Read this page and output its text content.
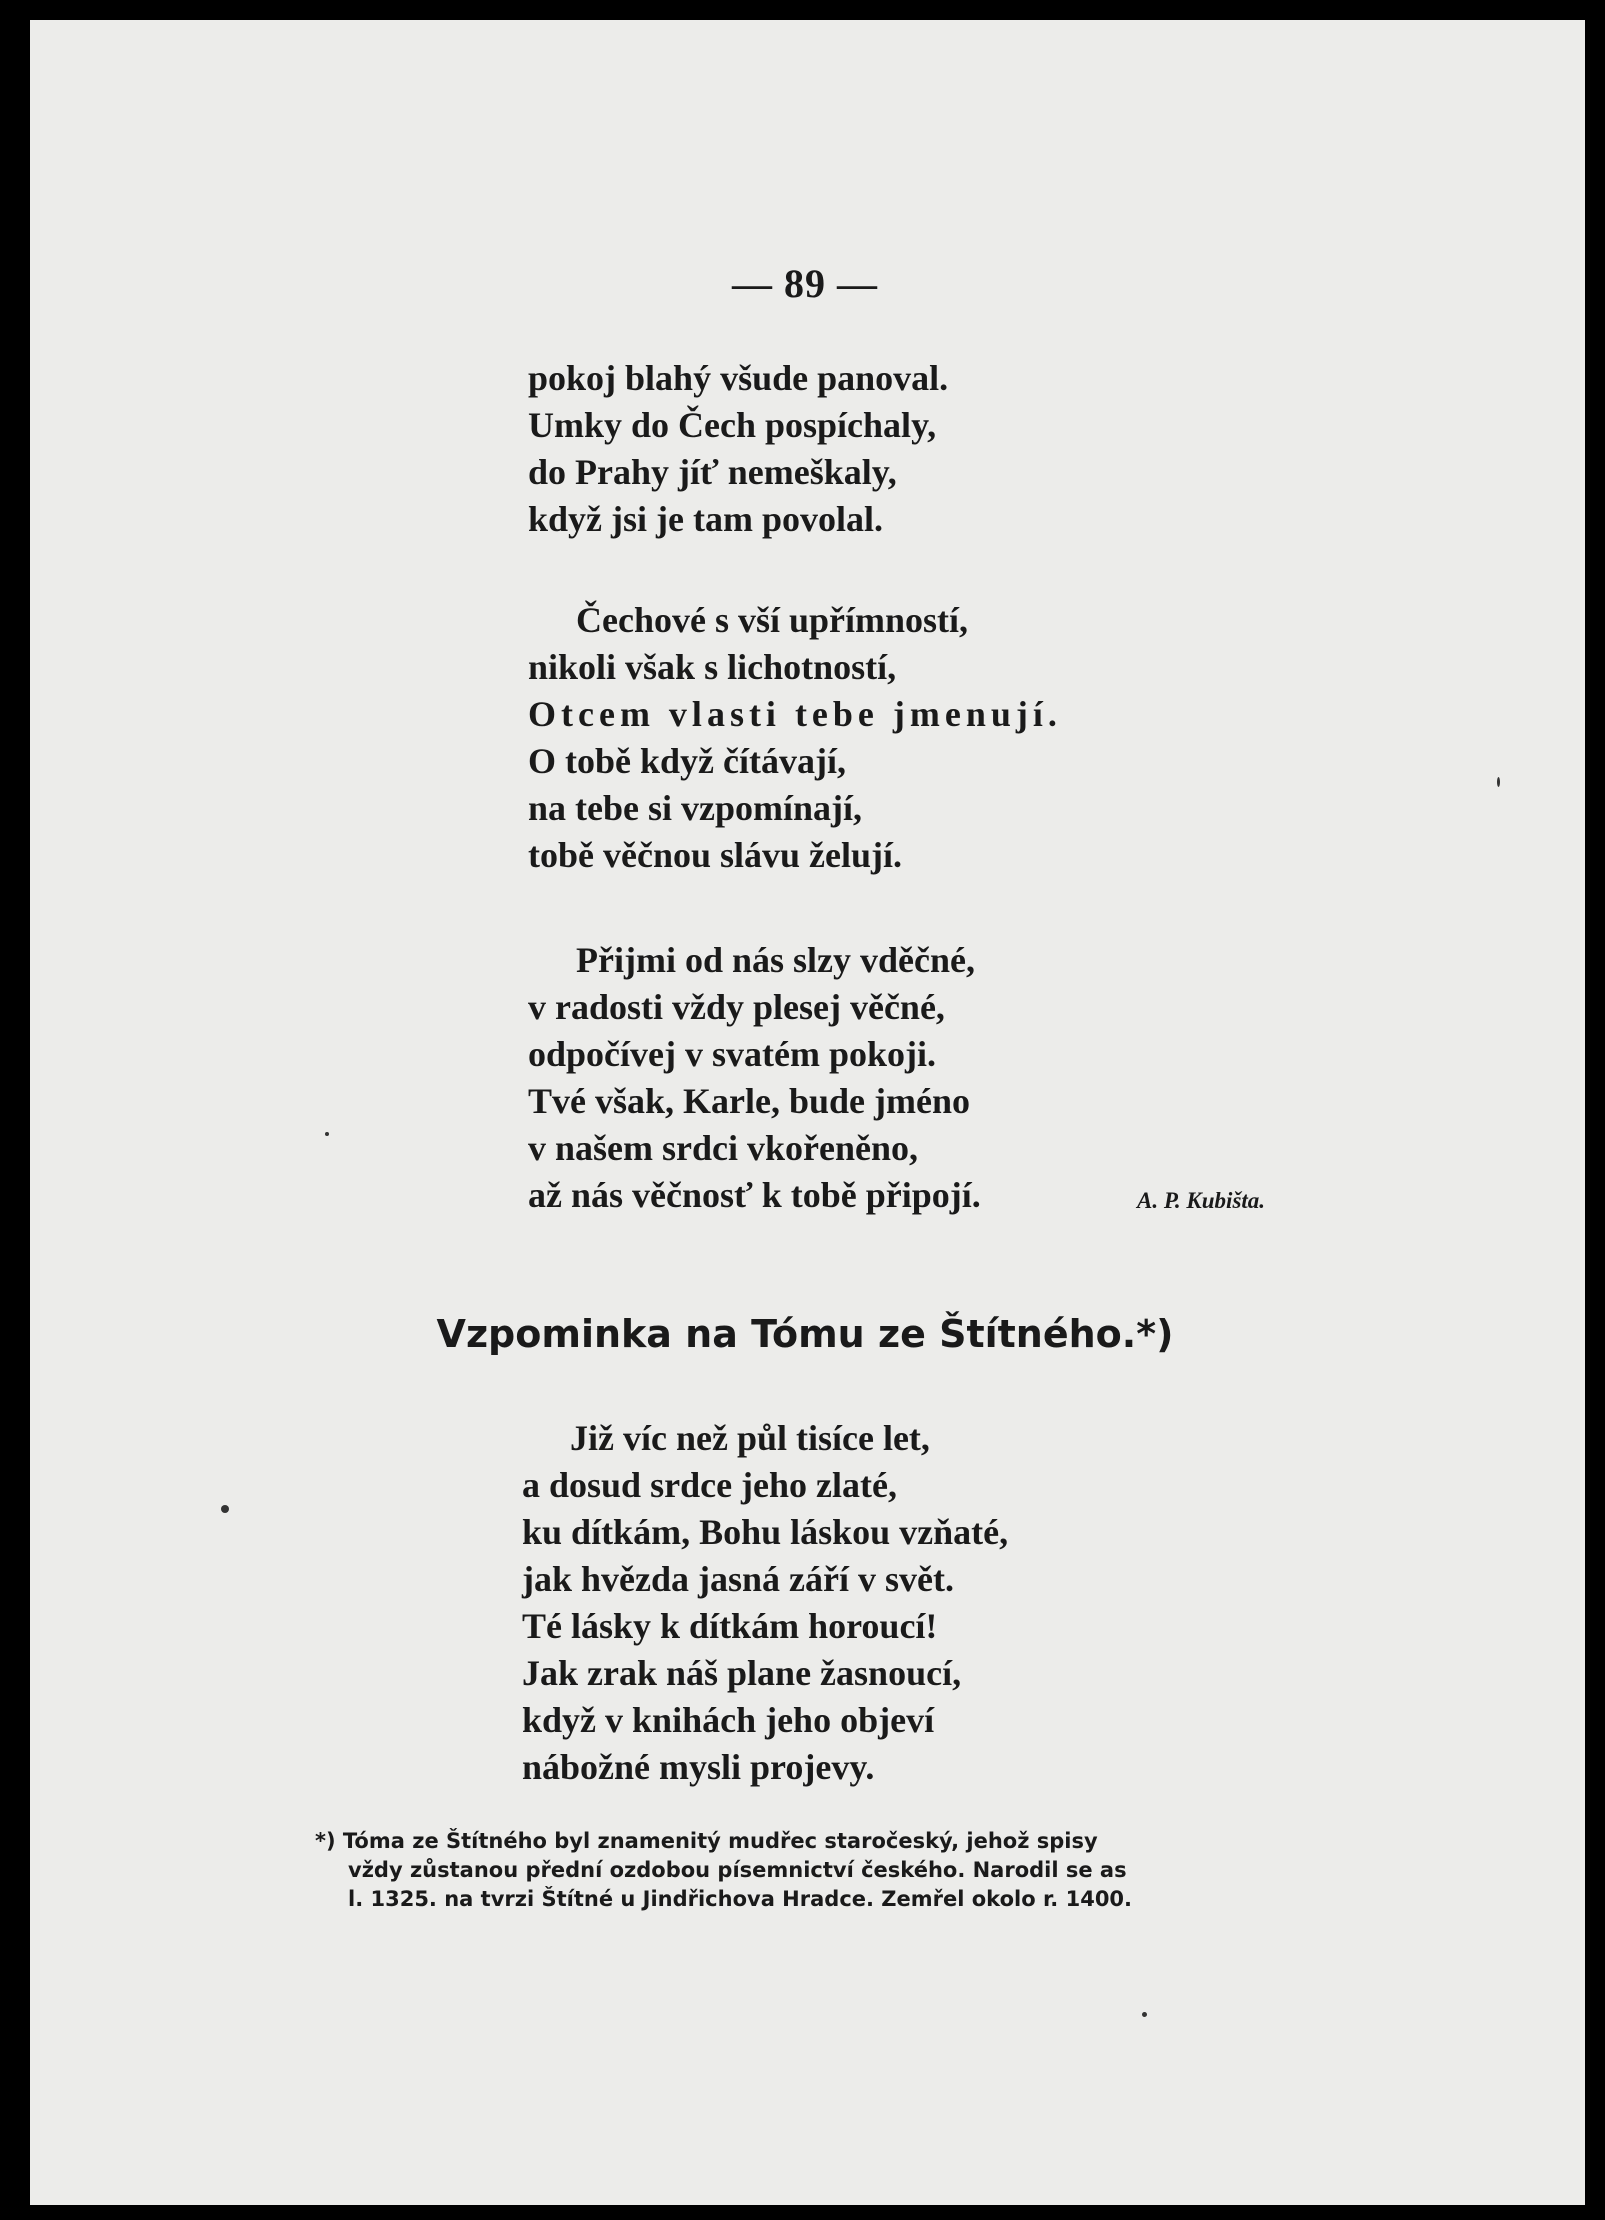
— 89 —
pokoj blahý všude panoval.
Umky do Čech pospíchaly,
do Prahy jíť nemeškaly,
když jsi je tam povolal.
Čechové s vší upřímností,
nikoli však s lichotností,
Otcem vlasti tebe jmenují.
O tobě když čítávají,
na tebe si vzpomínají,
tobě věčnou slávu želují.
Přijmi od nás slzy vděčné,
v radosti vždy plesej věčné,
odpočívej v svatém pokoji.
Tvé však, Karle, bude jméno
v našem srdci vkořeněno,
až nás věčnosť k tobě připojí.	A. P. Kubišta.
Vzpominka na Tómu ze Štítného.*)
Již víc než půl tisíce let,
a dosud srdce jeho zlaté,
ku dítkám, Bohu láskou vzňaté,
jak hvězda jasná září v svět.
Té lásky k dítkám horoucí!
Jak zrak náš plane žasnoucí,
když v knihách jeho objeví
nábožné mysli projevy.
*) Tóma ze Štítného byl znamenitý mudřec staročeský, jehož spisy
vždy zůstanou přední ozdobou písemnictví českého. Narodil se as
l. 1325. na tvrzi Štítné u Jindřichova Hradce. Zemřel okolo r. 1400.
